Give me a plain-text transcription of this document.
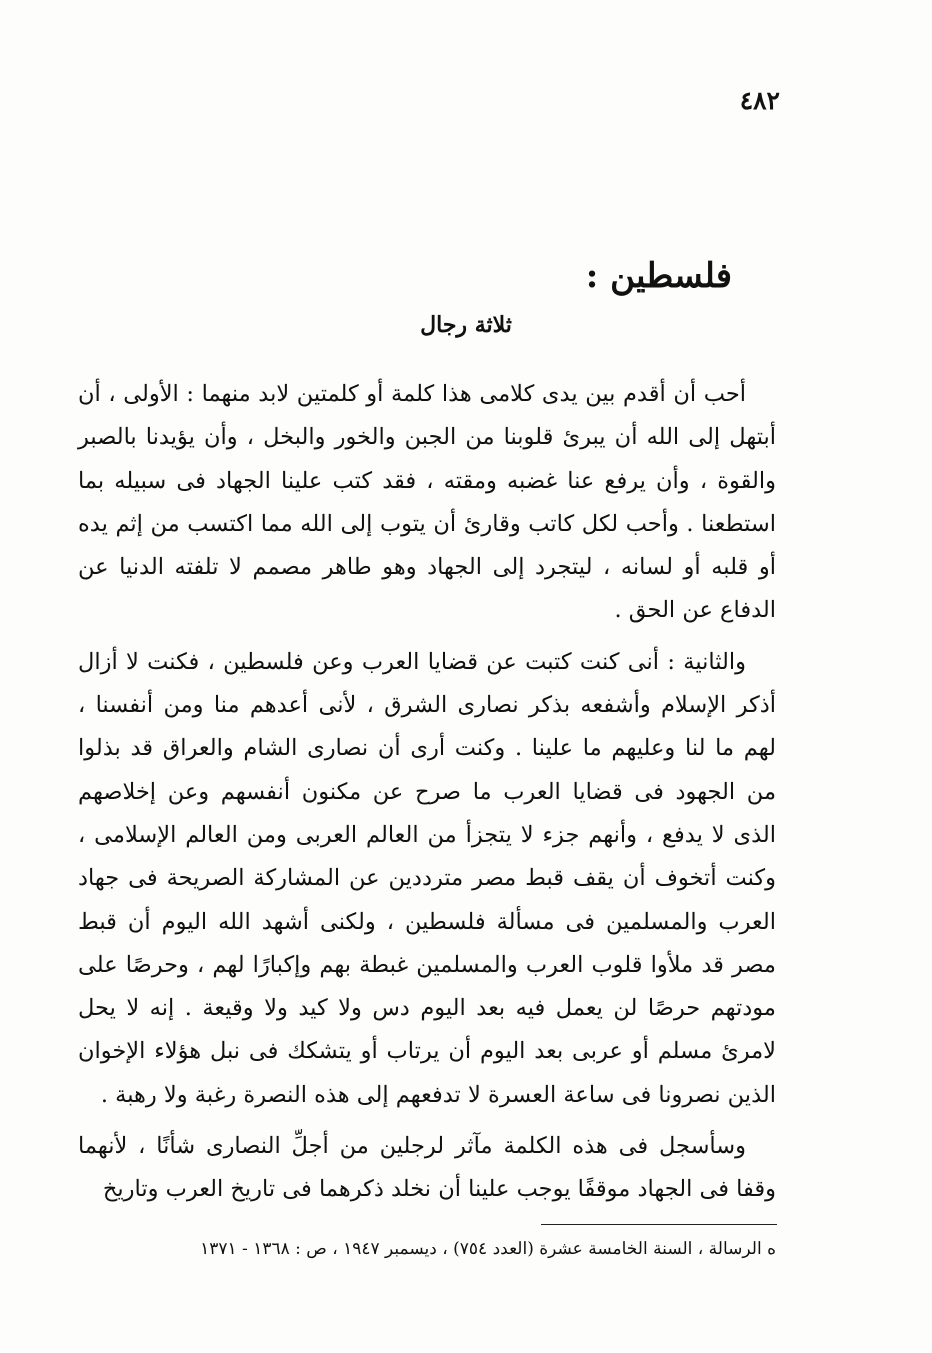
٤٨٢
فلسطين :
ثلاثة رجال

أحب أن أقدم بين يدى كلامى هذا كلمة أو كلمتين لابد منهما : الأولى ، أن أبتهل إلى الله أن يبرئ قلوبنا من الجبن والخور والبخل ، وأن يؤيدنا بالصبر والقوة ، وأن يرفع عنا غضبه ومقته ، فقد كتب علينا الجهاد فى سبيله بما استطعنا . وأحب لكل كاتب وقارئ أن يتوب إلى الله مما اكتسب من إثم يده أو قلبه أو لسانه ، ليتجرد إلى الجهاد وهو طاهر مصمم لا تلفته الدنيا عن الدفاع عن الحق .

والثانية : أنى كنت كتبت عن قضايا العرب وعن فلسطين ، فكنت لا أزال أذكر الإسلام وأشفعه بذكر نصارى الشرق ، لأنى أعدهم منا ومن أنفسنا ، لهم ما لنا وعليهم ما علينا . وكنت أرى أن نصارى الشام والعراق قد بذلوا من الجهود فى قضايا العرب ما صرح عن مكنون أنفسهم وعن إخلاصهم الذى لا يدفع ، وأنهم جزء لا يتجزأ من العالم العربى ومن العالم الإسلامى ، وكنت أتخوف أن يقف قبط مصر مترددين عن المشاركة الصريحة فى جهاد العرب والمسلمين فى مسألة فلسطين ، ولكنى أشهد الله اليوم أن قبط مصر قد ملأوا قلوب العرب والمسلمين غبطة بهم وإكبارًا لهم ، وحرصًا على مودتهم حرصًا لن يعمل فيه بعد اليوم دس ولا كيد ولا وقيعة . إنه لا يحل لامرئ مسلم أو عربى بعد اليوم أن يرتاب أو يتشكك فى نبل هؤلاء الإخوان الذين نصرونا فى ساعة العسرة لا تدفعهم إلى هذه النصرة رغبة ولا رهبة .

وسأسجل فى هذه الكلمة مآثر لرجلين من أجلِّ النصارى شأنًا ، لأنهما وقفا فى الجهاد موقفًا يوجب علينا أن نخلد ذكرهما فى تاريخ العرب وتاريخ

ه الرسالة ، السنة الخامسة عشرة (العدد ٧٥٤) ، ديسمبر ١٩٤٧ ، ص : ١٣٦٨ - ١٣٧١
